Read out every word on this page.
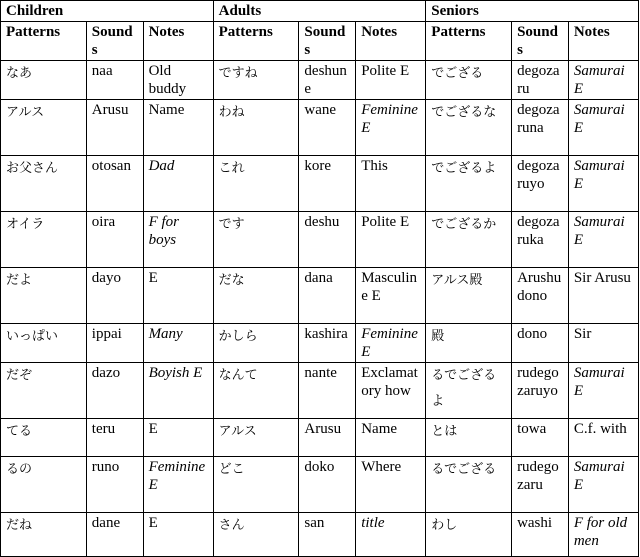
Children			Adults			Seniors		
Patterns	Sounds	Notes	Patterns	Sounds	Notes	Patterns	Sounds	Notes
なあ	naa	Old buddy	ですね	deshune	Polite E	でござる	degozaru	Samurai E
アルス	Arusu	Name	わね	wane	Feminine E	でござるな	degozaruna	Samurai E
お父さん	otosan	Dad	これ	kore	This	でござるよ	degozaruyo	Samurai E
オイラ	oira	F for boys	です	deshu	Polite E	でござるか	degozaruka	Samurai E
だよ	dayo	E	だな	dana	Masculine E	アルス殿	Arushudono	Sir Arusu
いっぱい	ippai	Many	かしら	kashira	Feminine E	殿	dono	Sir
だぞ	dazo	Boyish E	なんて	nante	Exclamatory how	るでござるよ	rudegozaruyo	Samurai E
てる	teru	E	アルス	Arusu	Name	とは	towa	C.f. with
るの	runo	Feminine E	どこ	doko	Where	るでござる	rudegozaru	Samurai E
だね	dane	E	さん	san	title	わし	washi	F for old men
